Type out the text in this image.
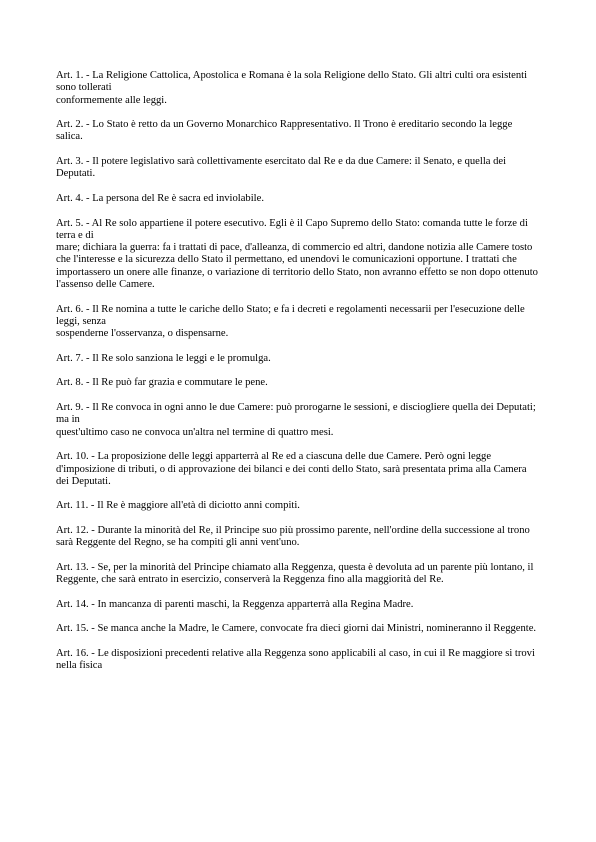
Art. 1. - La Religione Cattolica, Apostolica e Romana è la sola Religione dello Stato. Gli altri culti ora esistenti sono tollerati
conformemente alle leggi.

Art. 2. - Lo Stato è retto da un Governo Monarchico Rappresentativo. Il Trono è ereditario secondo la legge salica.

Art. 3. - Il potere legislativo sarà collettivamente esercitato dal Re e da due Camere: il Senato, e quella dei Deputati.

Art. 4. - La persona del Re è sacra ed inviolabile.

Art. 5. - Al Re solo appartiene il potere esecutivo. Egli è il Capo Supremo dello Stato: comanda tutte le forze di terra e di
mare; dichiara la guerra: fa i trattati di pace, d'alleanza, di commercio ed altri, dandone notizia alle Camere tosto che l'interesse e la sicurezza dello Stato il permettano, ed unendovi le comunicazioni opportune. I trattati che importassero un onere alle finanze, o variazione di territorio dello Stato, non avranno effetto se non dopo ottenuto l'assenso delle Camere.

Art. 6. - Il Re nomina a tutte le cariche dello Stato; e fa i decreti e regolamenti necessarii per l'esecuzione delle leggi, senza
sospenderne l'osservanza, o dispensarne.

Art. 7. - Il Re solo sanziona le leggi e le promulga.

Art. 8. - Il Re può far grazia e commutare le pene.

Art. 9. - Il Re convoca in ogni anno le due Camere: può prorogarne le sessioni, e disciogliere quella dei Deputati; ma in
quest'ultimo caso ne convoca un'altra nel termine di quattro mesi.

Art. 10. - La proposizione delle leggi apparterrà al Re ed a ciascuna delle due Camere. Però ogni legge d'imposizione di tributi, o di approvazione dei bilanci e dei conti dello Stato, sarà presentata prima alla Camera dei Deputati.

Art. 11. - Il Re è maggiore all'età di diciotto anni compiti.

Art. 12. - Durante la minorità del Re, il Principe suo più prossimo parente, nell'ordine della successione al trono sarà Reggente del Regno, se ha compiti gli anni vent'uno.

Art. 13. - Se, per la minorità del Principe chiamato alla Reggenza, questa è devoluta ad un parente più lontano, il Reggente, che sarà entrato in esercizio, conserverà la Reggenza fino alla maggiorità del Re.

Art. 14. - In mancanza di parenti maschi, la Reggenza apparterrà alla Regina Madre.

Art. 15. - Se manca anche la Madre, le Camere, convocate fra dieci giorni dai Ministri, nomineranno il Reggente.

Art. 16. - Le disposizioni precedenti relative alla Reggenza sono applicabili al caso, in cui il Re maggiore si trovi nella fisica
